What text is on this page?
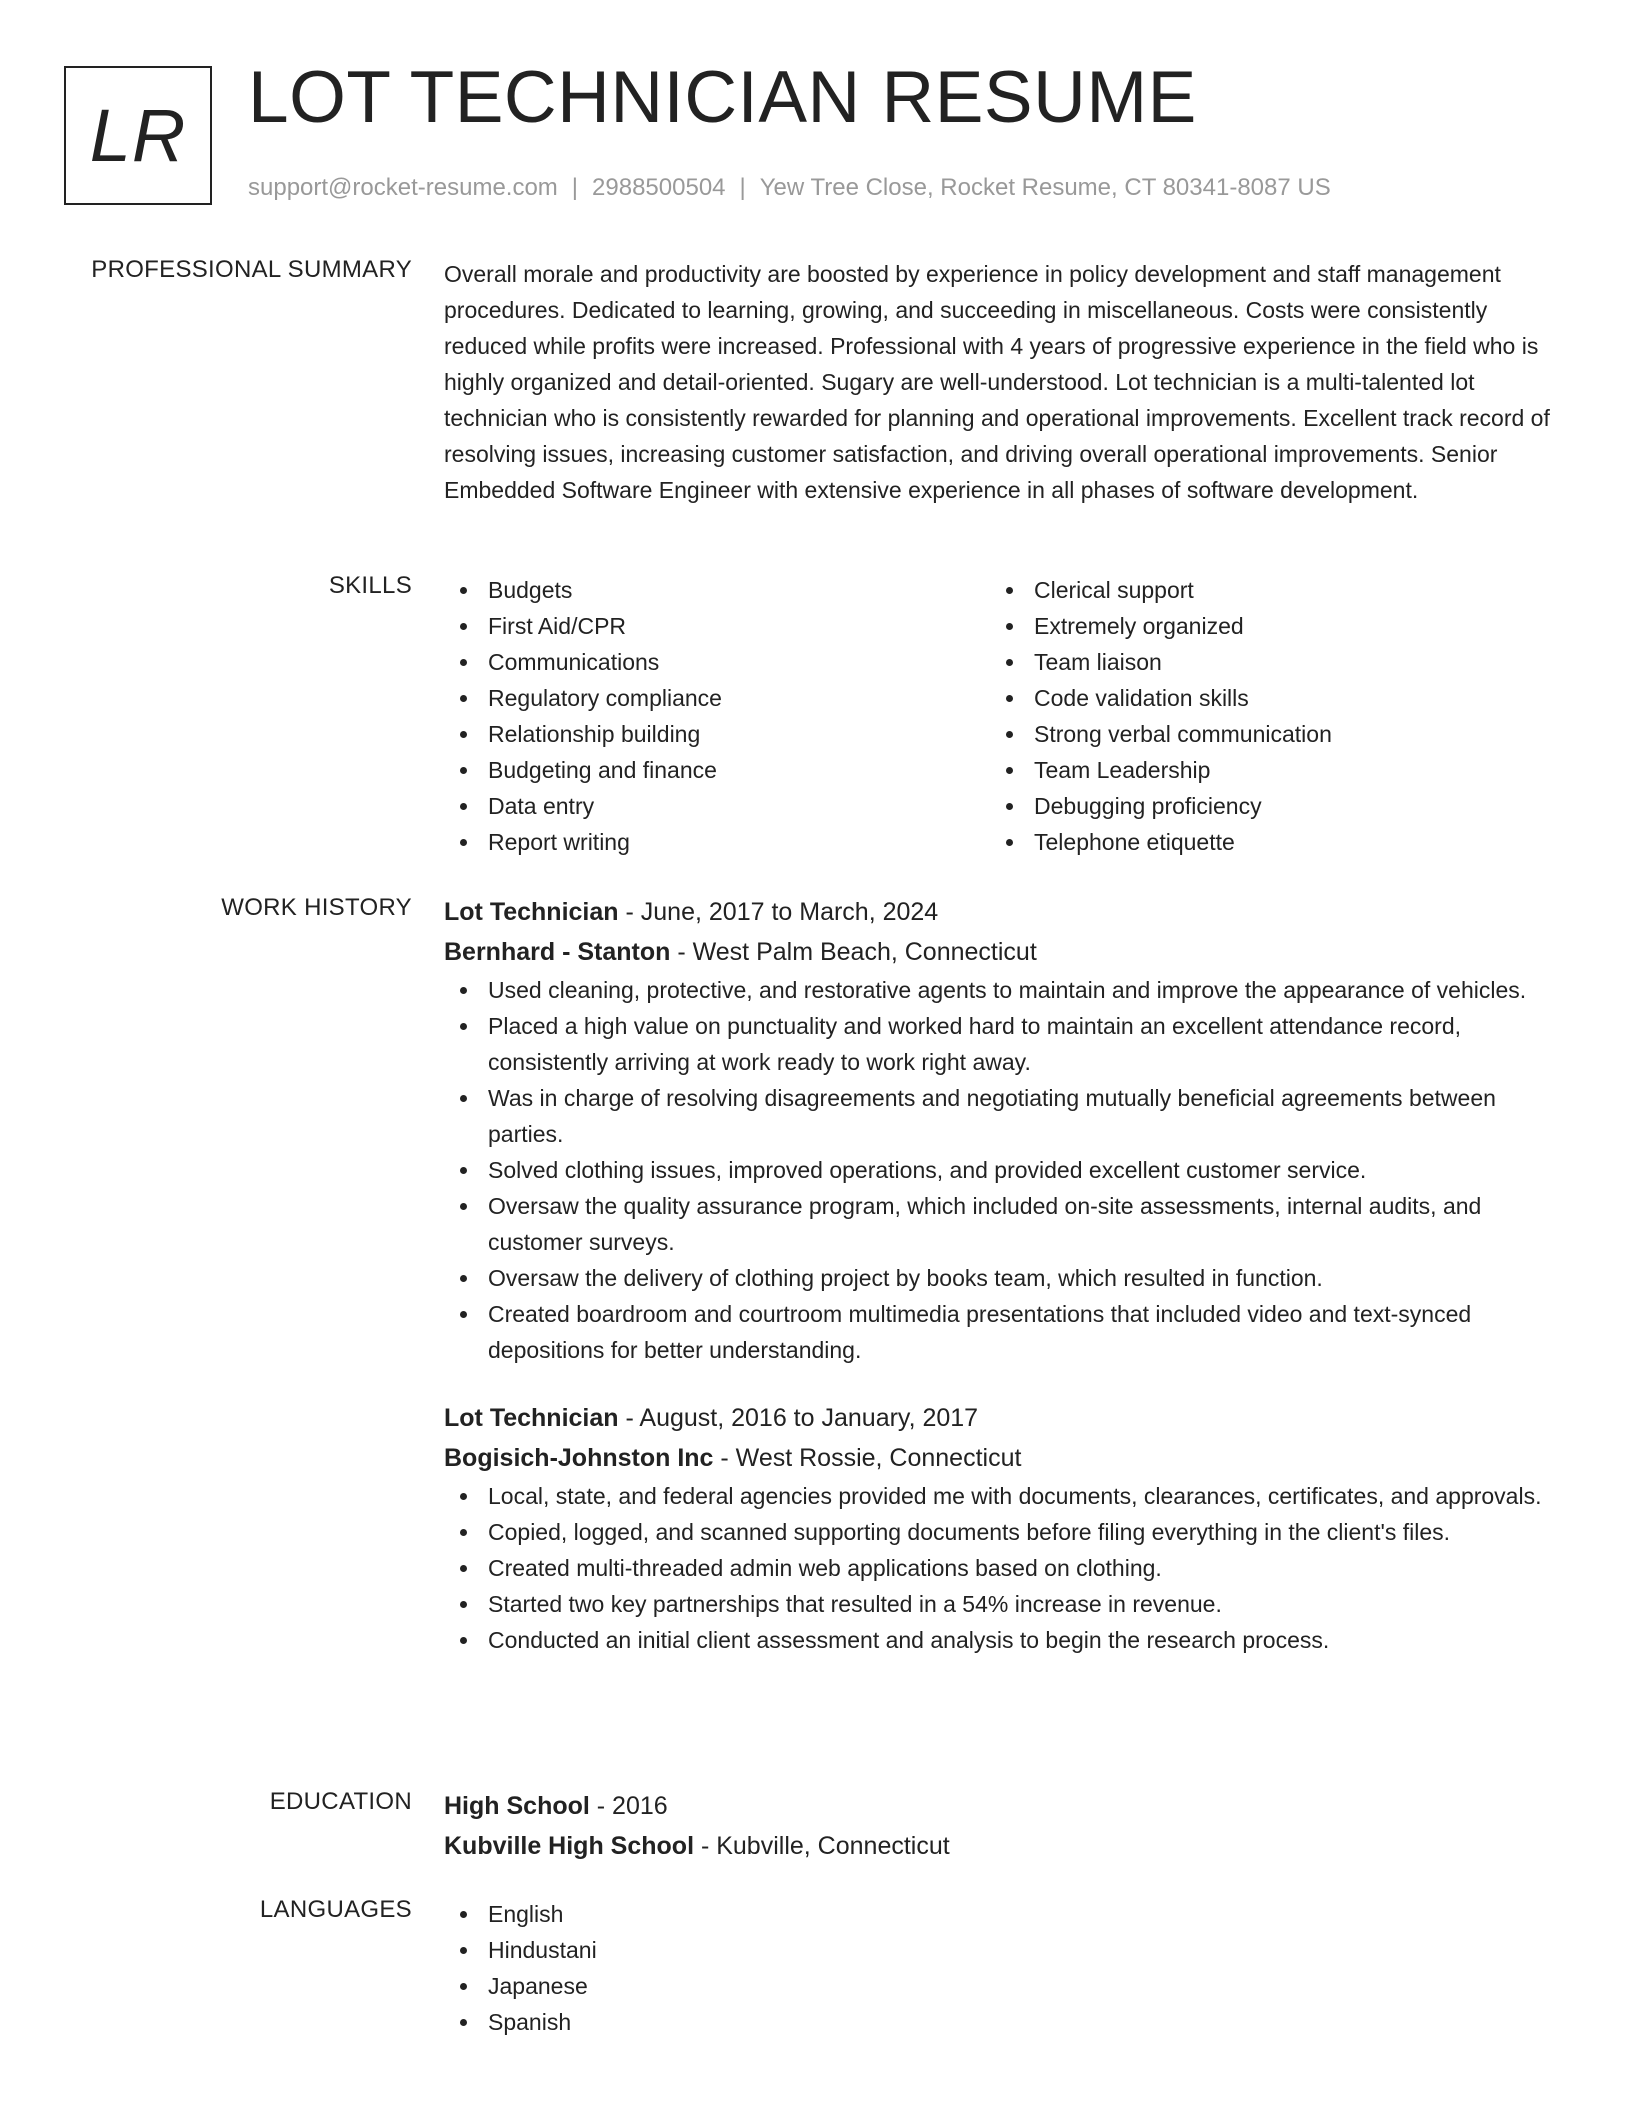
LR LOT TECHNICIAN RESUME
support@rocket-resume.com | 2988500504 | Yew Tree Close, Rocket Resume, CT 80341-8087 US
PROFESSIONAL SUMMARY Overall morale and productivity are boosted by experience in policy development and staff management procedures. Dedicated to learning, growing, and succeeding in miscellaneous. Costs were consistently reduced while profits were increased. Professional with 4 years of progressive experience in the field who is highly organized and detail-oriented. Sugary are well-understood. Lot technician is a multi-talented lot technician who is consistently rewarded for planning and operational improvements. Excellent track record of resolving issues, increasing customer satisfaction, and driving overall operational improvements. Senior Embedded Software Engineer with extensive experience in all phases of software development.

SKILLS	Budgets
First Aid/CPR
Communications
Regulatory compliance
Relationship building
Budgeting and finance
Data entry
Report writing
Clerical support
Extremely organized
Team liaison
Code validation skills
Strong verbal communication
Team Leadership
Debugging proficiency
Telephone etiquette
WORK HISTORY Lot Technician - June, 2017 to March, 2024
Bernhard - Stanton - West Palm Beach, Connecticut
Used cleaning, protective, and restorative agents to maintain and improve the appearance of vehicles.
Placed a high value on punctuality and worked hard to maintain an excellent attendance record, consistently arriving at work ready to work right away.
Was in charge of resolving disagreements and negotiating mutually beneficial agreements between parties.
Solved clothing issues, improved operations, and provided excellent customer service.
Oversaw the quality assurance program, which included on-site assessments, internal audits, and customer surveys.
Oversaw the delivery of clothing project by books team, which resulted in function.
Created boardroom and courtroom multimedia presentations that included video and text-synced depositions for better understanding.
Lot Technician - August, 2016 to January, 2017
Bogisich-Johnston Inc - West Rossie, Connecticut
Local, state, and federal agencies provided me with documents, clearances, certificates, and approvals.
Copied, logged, and scanned supporting documents before filing everything in the client's files.
Created multi-threaded admin web applications based on clothing.
Started two key partnerships that resulted in a 54% increase in revenue.
Conducted an initial client assessment and analysis to begin the research process.
EDUCATION High School - 2016
Kubville High School - Kubville, Connecticut
LANGUAGES	English
Hindustani
Japanese
Spanish
